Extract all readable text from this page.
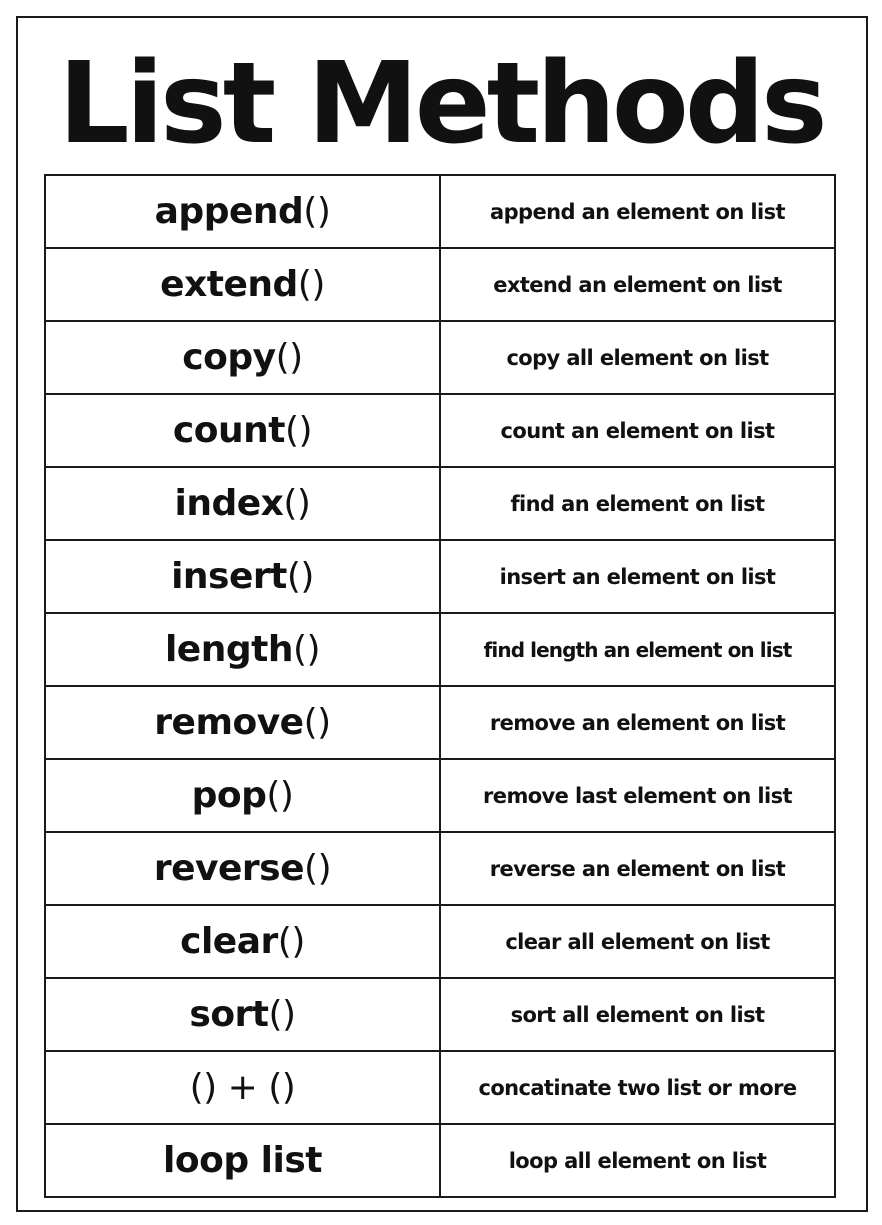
List Methods
append()	append an element on list
extend()	extend an element on list
copy()	copy all element on list
count()	count an element on list
index()	find an element on list
insert()	insert an element on list
length()	find length an element on list
remove()	remove an element on list
pop()	remove last element on list
reverse()	reverse an element on list
clear()	clear all element on list
sort()	sort all element on list
() + ()	concatinate two list or more
loop list	loop all element on list
